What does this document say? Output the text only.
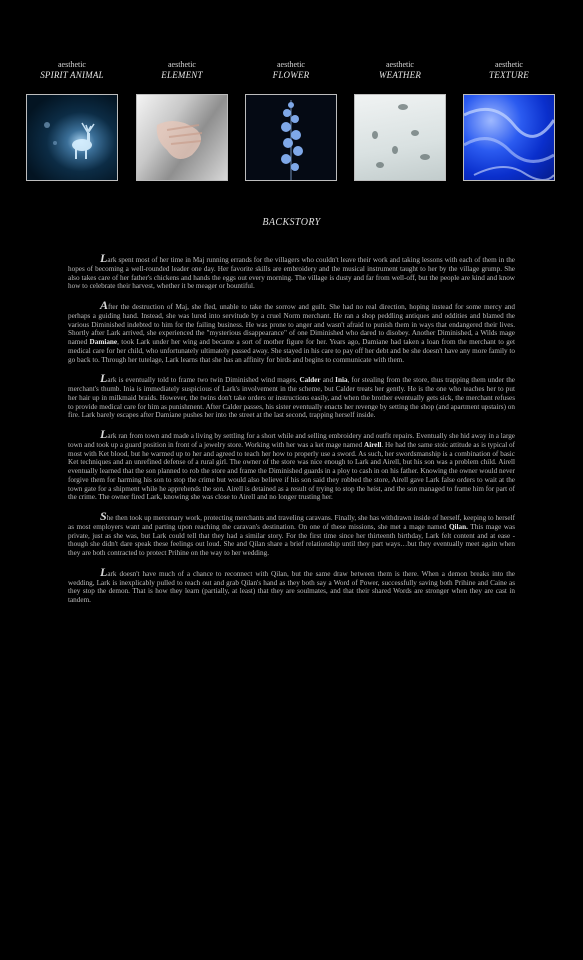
aesthetic
SPIRIT ANIMAL
aesthetic
ELEMENT
aesthetic
FLOWER
aesthetic
WEATHER
aesthetic
TEXTURE
BACKSTORY

Lark spent most of her time in Maj running errands for the villagers who couldn't leave their work and taking lessons with each of them in the hopes of becoming a well-rounded leader one day. Her favorite skills are embroidery and the musical instrument taught to her by the village grump. She also takes care of her father's chickens and hands the eggs out every morning. The village is dusty and far from well-off, but the people are kind and know how to celebrate their harvest, whether it be meager or bountiful.

After the destruction of Maj, she fled, unable to take the sorrow and guilt. She had no real direction, hoping instead for some mercy and perhaps a guiding hand. Instead, she was lured into servitude by a cruel Norm merchant. He ran a shop peddling antiques and oddities and blamed the various Diminished indebted to him for the failing business. He was prone to anger and wasn't afraid to punish them in ways that endangered their lives. Shortly after Lark arrived, she experienced the "mysterious disappearance" of one Diminished who dared to disobey. Another Diminished, a Wilds mage named Damiane, took Lark under her wing and became a sort of mother figure for her. Years ago, Damiane had taken a loan from the merchant to get medical care for her child, who unfortunately ultimately passed away. She stayed in his care to pay off her debt and be she doesn't have any more family to go back to. Through her tutelage, Lark learns that she has an affinity for birds and begins to communicate with them.

Lark is eventually told to frame two twin Diminished wind mages, Calder and Inia, for stealing from the store, thus trapping them under the merchant's thumb. Inia is immediately suspicious of Lark's involvement in the scheme, but Calder treats her gently. He is the one who teaches her to put her hair up in milkmaid braids. However, the twins don't take orders or instructions easily, and when the brother eventually gets sick, the merchant refuses to provide medical care for him as punishment. After Calder passes, his sister eventually enacts her revenge by setting the shop (and apartment upstairs) on fire. Lark barely escapes after Damiane pushes her into the street at the last second, trapping herself inside.

Lark ran from town and made a living by settling for a short while and selling embroidery and outfit repairs. Eventually she hid away in a large town and took up a guard position in front of a jewelry store. Working with her was a ket mage named Airell. He had the same stoic attitude as is typical of most with Ket blood, but he warmed up to her and agreed to teach her how to properly use a sword. As such, her swordsmanship is a combination of basic Ket techniques and an unrefined defense of a rural girl. The owner of the store was nice enough to Lark and Airell, but his son was a problem child. Airell eventually learned that the son planned to rob the store and frame the Diminished guards in a ploy to cash in on his father. Knowing the owner would never forgive them for harming his son to stop the crime but would also believe if his son said they robbed the store, Airell gave Lark false orders to wait at the town gate for a shipment while he apprehends the son. Airell is detained as a result of trying to stop the heist, and the son managed to frame him for part of the crime. The owner fired Lark, knowing she was close to Airell and no longer trusting her.

She then took up mercenary work, protecting merchants and traveling caravans. Finally, she has withdrawn inside of herself, keeping to herself as most employers want and parting upon reaching the caravan's destination. On one of these missions, she met a mage named Qilan. This mage was private, just as she was, but Lark could tell that they had a similar story. For the first time since her thirteenth birthday, Lark felt content and at ease - though she didn't dare speak these feelings out loud. She and Qilan share a brief relationship until they part ways…but they eventually meet again when they are both contracted to protect Prihine on the way to her wedding.

Lark doesn't have much of a chance to reconnect with Qilan, but the same draw between them is there. When a demon breaks into the wedding, Lark is inexplicably pulled to reach out and grab Qilan's hand as they both say a Word of Power, successfully saving both Prihine and Caine as they stop the demon. That is how they learn (partially, at least) that they are soulmates, and that their shared Words are stronger when they are cast in tandem.
